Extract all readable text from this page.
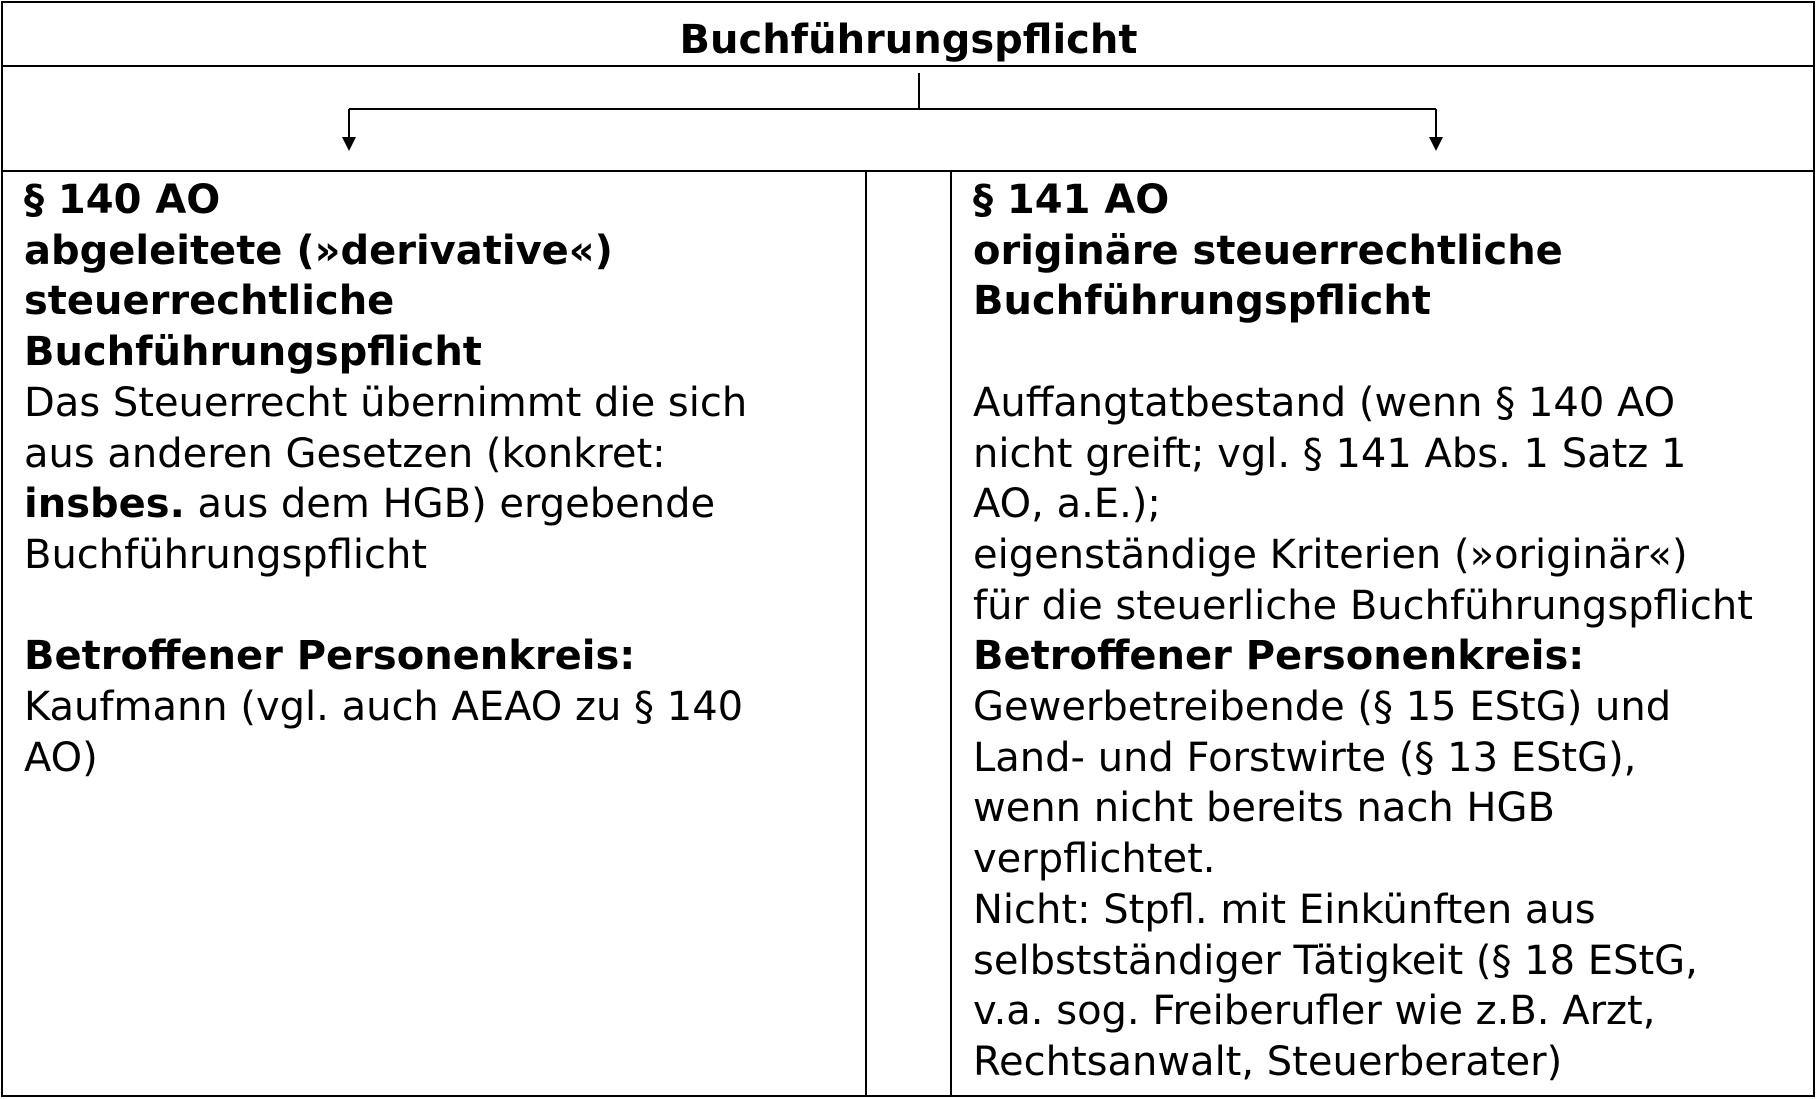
Buchführungspflicht
§ 140 AO
abgeleitete (»derivative«)
steuerrechtliche
Buchführungspflicht
Das Steuerrecht übernimmt die sich
aus anderen Gesetzen (konkret:
insbes. aus dem HGB) ergebende
Buchführungspflicht
Betroffener Personenkreis:
Kaufmann (vgl. auch AEAO zu § 140
AO)
§ 141 AO
originäre steuerrechtliche
Buchführungspflicht
Auffangtatbestand (wenn § 140 AO
nicht greift; vgl. § 141 Abs. 1 Satz 1
AO, a.E.);
eigenständige Kriterien (»originär«)
für die steuerliche Buchführungspflicht
Betroffener Personenkreis:
Gewerbetreibende (§ 15 EStG) und
Land- und Forstwirte (§ 13 EStG),
wenn nicht bereits nach HGB
verpflichtet.
Nicht: Stpfl. mit Einkünften aus
selbstständiger Tätigkeit (§ 18 EStG,
v.a. sog. Freiberufler wie z.B. Arzt,
Rechtsanwalt, Steuerberater)
